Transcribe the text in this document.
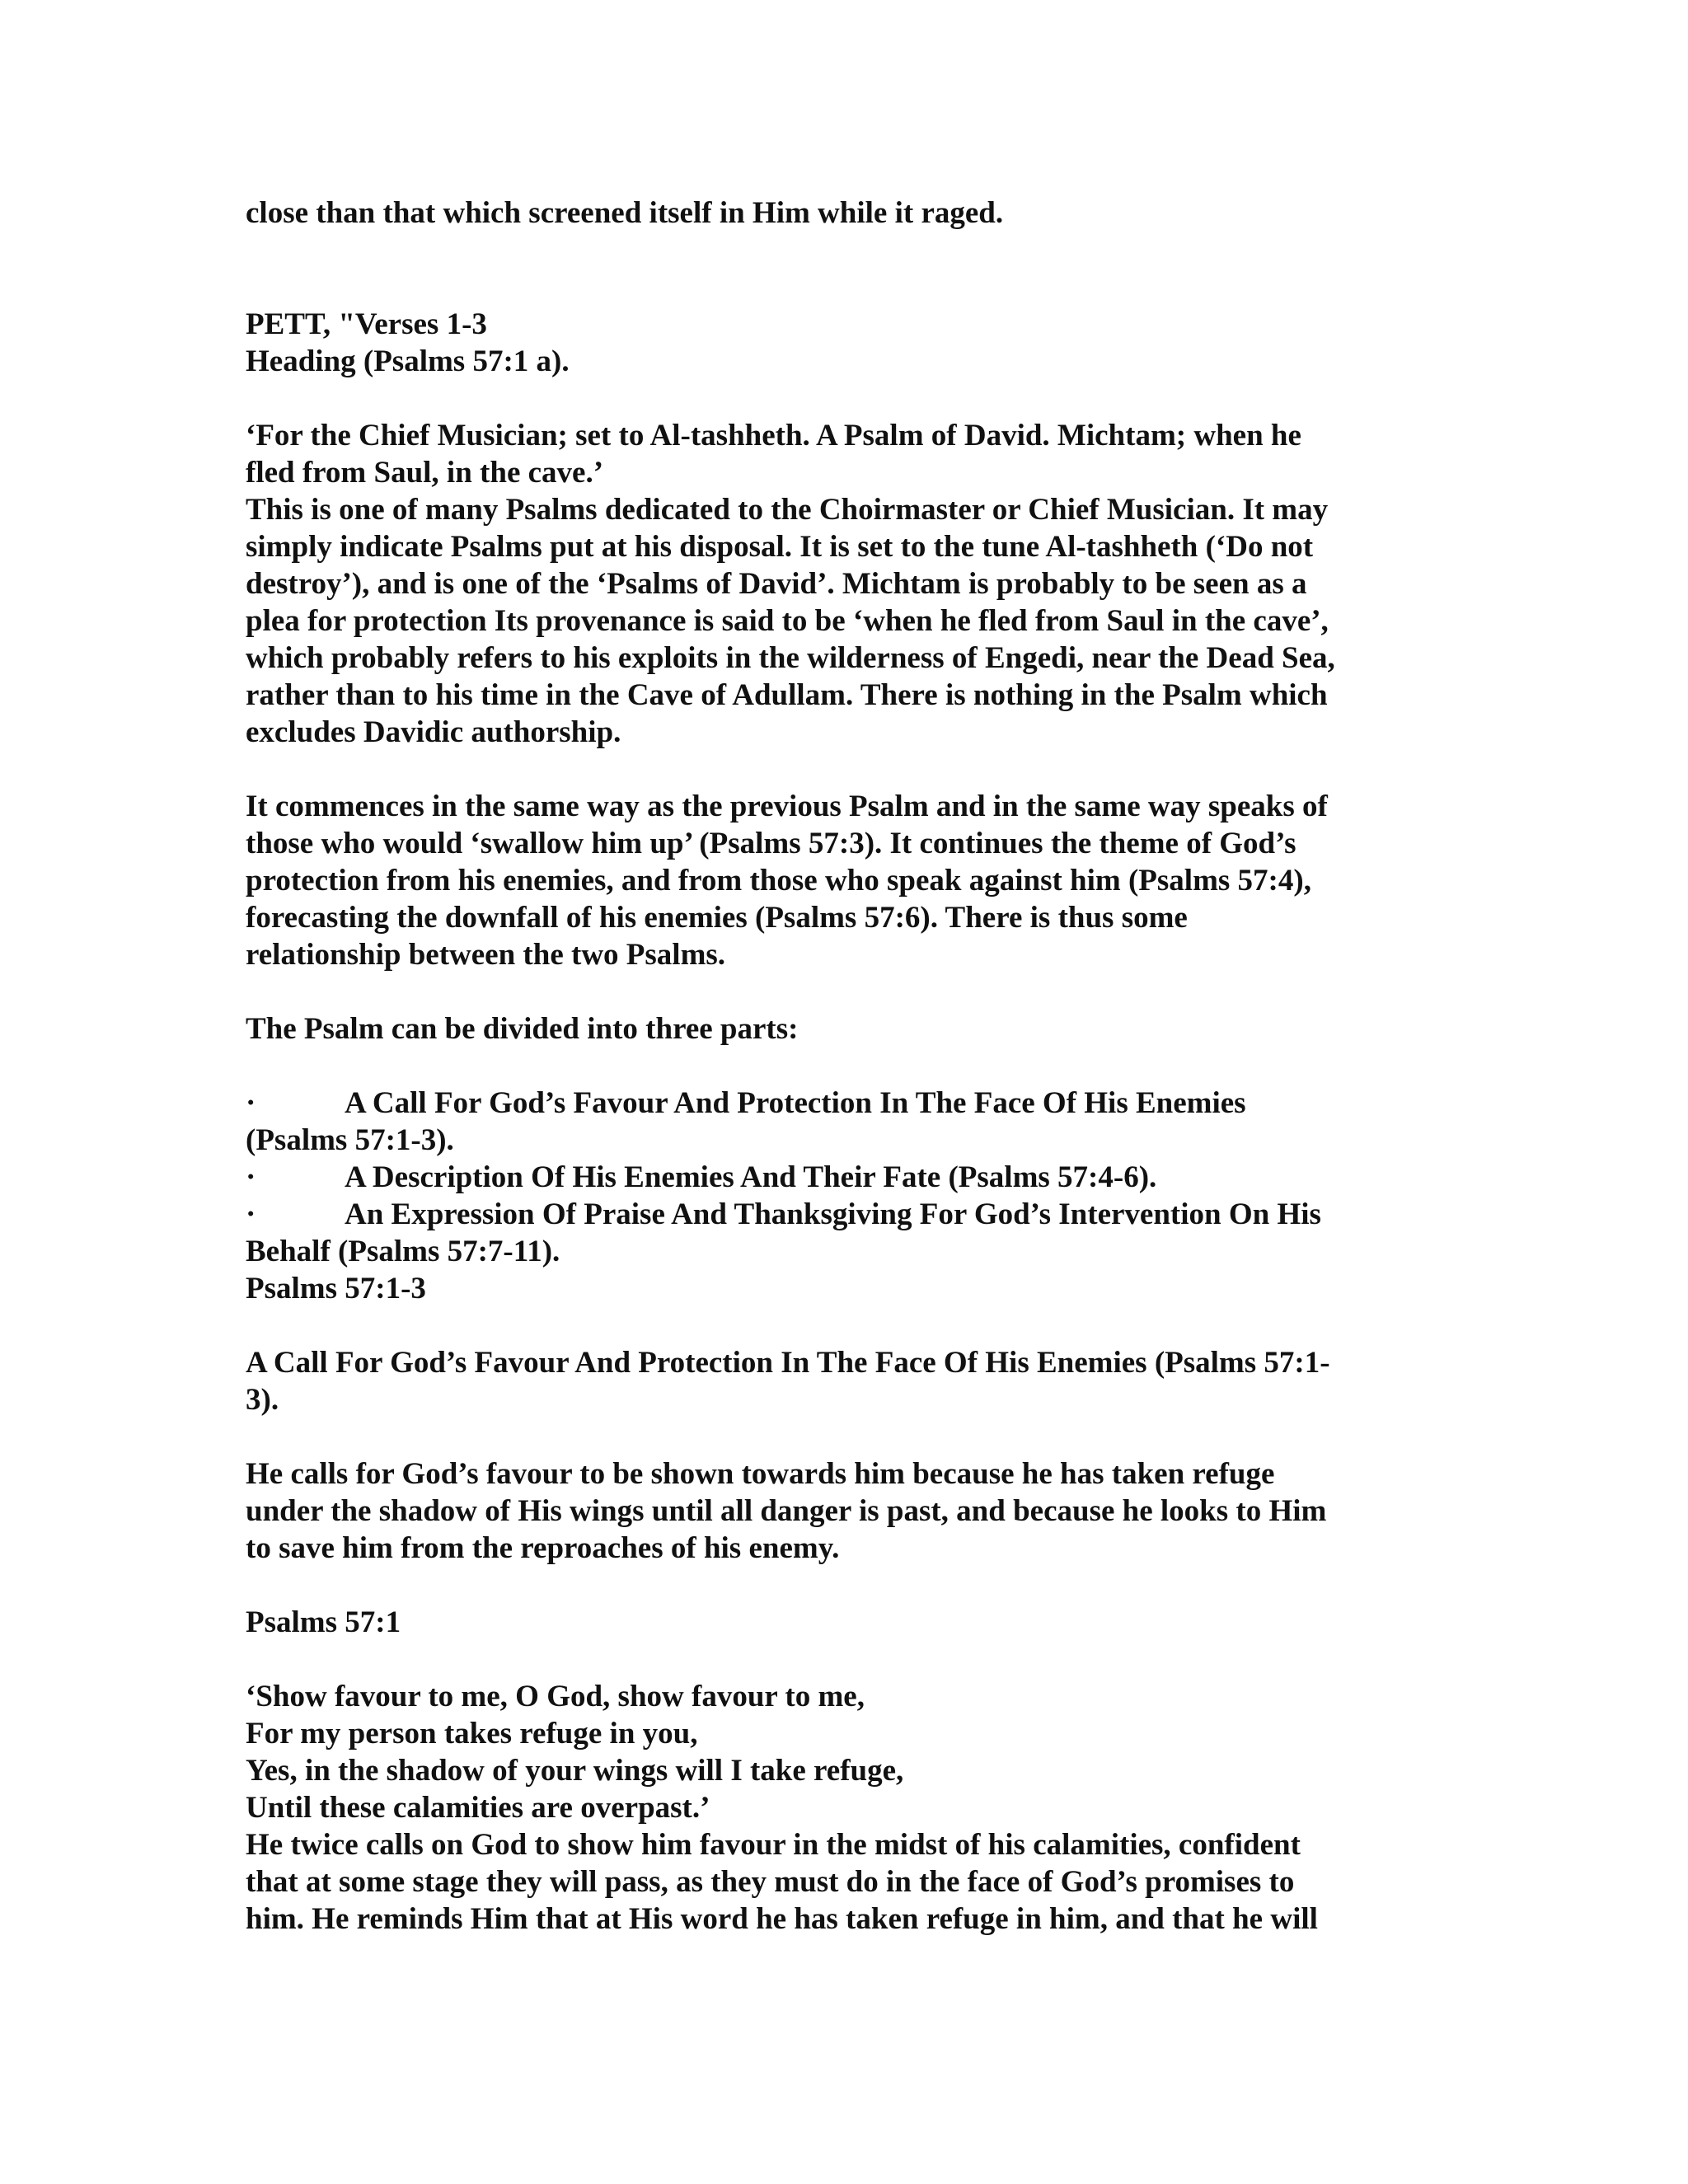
close than that which screened itself in Him while it raged.

PETT, "Verses 1-3

Heading (Psalms 57:1 a).

‘For the Chief Musician; set to Al-tashheth. A Psalm of David. Michtam; when he
fled from Saul, in the cave.’

This is one of many Psalms dedicated to the Choirmaster or Chief Musician. It may
simply indicate Psalms put at his disposal. It is set to the tune Al-tashheth (‘Do not
destroy’), and is one of the ‘Psalms of David’. Michtam is probably to be seen as a
plea for protection Its provenance is said to be ‘when he fled from Saul in the cave’,
which probably refers to his exploits in the wilderness of Engedi, near the Dead Sea,
rather than to his time in the Cave of Adullam. There is nothing in the Psalm which
excludes Davidic authorship.

It commences in the same way as the previous Psalm and in the same way speaks of
those who would ‘swallow him up’ (Psalms 57:3). It continues the theme of God’s
protection from his enemies, and from those who speak against him (Psalms 57:4),
forecasting the downfall of his enemies (Psalms 57:6). There is thus some
relationship between the two Psalms.

The Psalm can be divided into three parts:

·	A Call For God’s Favour And Protection In The Face Of His Enemies
(Psalms 57:1-3).
·	A Description Of His Enemies And Their Fate (Psalms 57:4-6).
·	An Expression Of Praise And Thanksgiving For God’s Intervention On His
Behalf (Psalms 57:7-11).

Psalms 57:1-3

A Call For God’s Favour And Protection In The Face Of His Enemies (Psalms 57:1-
3).

He calls for God’s favour to be shown towards him because he has taken refuge
under the shadow of His wings until all danger is past, and because he looks to Him
to save him from the reproaches of his enemy.

Psalms 57:1

‘Show favour to me, O God, show favour to me,
For my person takes refuge in you,
Yes, in the shadow of your wings will I take refuge,
Until these calamities are overpast.’

He twice calls on God to show him favour in the midst of his calamities, confident
that at some stage they will pass, as they must do in the face of God’s promises to
him. He reminds Him that at His word he has taken refuge in him, and that he will
